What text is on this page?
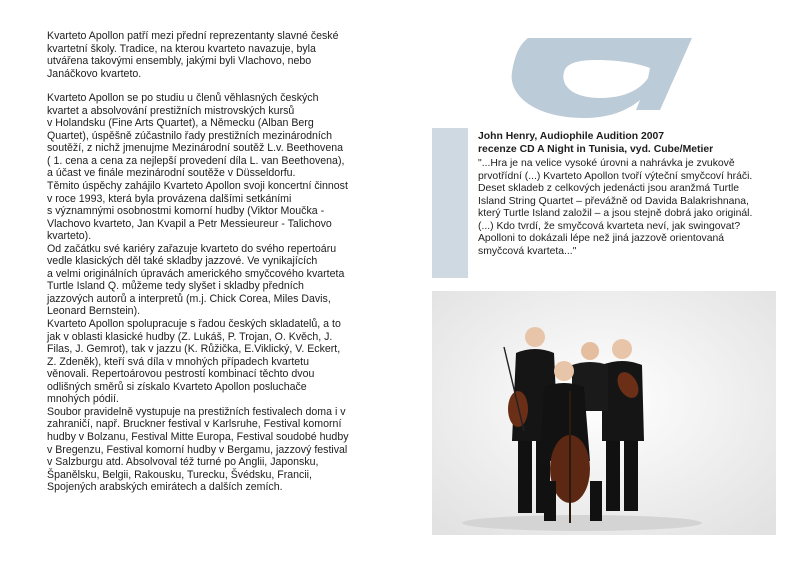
Kvarteto Apollon patří mezi přední reprezentanty slavné české
kvartetní školy. Tradice, na kterou kvarteto navazuje, byla
utvářena takovými ensembly, jakými byli Vlachovo, nebo
Janáčkovo kvarteto.

Kvarteto Apollon se po studiu u členů věhlasných českých
kvartet a absolvování prestižních mistrovských kursů
v Holandsku (Fine Arts Quartet), a Německu (Alban Berg
Quartet), úspěšně zúčastnilo řady prestižních mezinárodních
soutěží, z nichž jmenujme Mezinárodní soutěž L.v. Beethovena
( 1. cena a cena za nejlepší provedení díla L. van Beethovena),
a účast ve finále mezinárodní soutěže v Düsseldorfu.

Těmito úspěchy zahájilo Kvarteto Apollon svoji koncertní činnost
v roce 1993, která byla provázena dalšími setkáními
s významnými osobnostmi komorní hudby (Viktor Moučka -
Vlachovo kvarteto, Jan Kvapil a Petr Messieureur - Talichovo
kvarteto).

Od začátku své kariéry zařazuje kvarteto do svého repertoáru
vedle klasických děl také skladby jazzové. Ve vynikajících
a velmi originálních úpravách amerického smyčcového kvarteta
Turtle Island Q. můžeme tedy slyšet i skladby předních
jazzových autorů a interpretů (m.j. Chick Corea, Miles Davis,
Leonard Bernstein).

Kvarteto Apollon spolupracuje s řadou českých skladatelů, a to
jak v oblasti klasické hudby (Z. Lukáš, P. Trojan, O. Kvěch, J.
Filas, J. Gemrot), tak v jazzu (K. Růžička, E.Viklický, V. Eckert,
Z. Zdeněk), kteří svá díla v mnohých případech kvartetu
věnovali. Repertoárovou pestrostí kombinací těchto dvou
odlišných směrů si získalo Kvarteto Apollon posluchače
mnohých pódií.

Soubor pravidelně vystupuje na prestižních festivalech doma i v
zahraničí, např. Bruckner festival v Karlsruhe, Festival komorní
hudby v Bolzanu, Festival Mitte Europa, Festival soudobé hudby
v Bregenzu, Festival komorní hudby v Bergamu, jazzový festival
v Salzburgu atd. Absolvoval též turné po Anglii, Japonsku,
Španělsku, Belgii, Rakousku, Turecku, Švédsku, Francii,
Spojených arabských emirátech a dalších zemích.

John Henry, Audiophile Audition 2007

recenze CD A Night in Tunisia, vyd. Cube/Metier

"...Hra je na velice vysoké úrovni a nahrávka je zvukově
prvotřídní (...) Kvarteto Apollon tvoří výteční smyčcoví hráči.
Deset skladeb z celkových jedenácti jsou aranžmá Turtle
Island String Quartet – převážně od Davida Balakrishnana,
který Turtle Island založil – a jsou stejně dobrá jako originál.
(...) Kdo tvrdí, že smyčcová kvarteta neví, jak swingovat?
Apolloni to dokázali lépe než jiná jazzově orientovaná
smyčcová kvarteta..."
